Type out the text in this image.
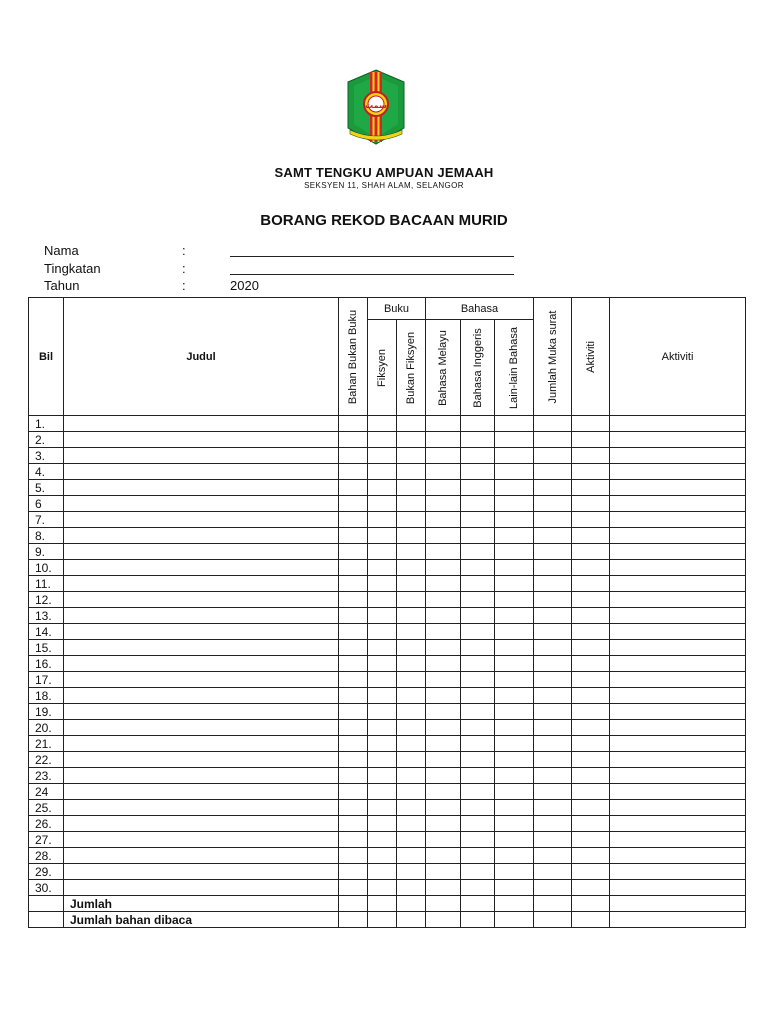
سمت
SAMT TENGKU AMPUAN JEMAAH
SEKSYEN 11, SHAH ALAM, SELANGOR
BORANG REKOD BACAAN MURID
Nama	:
Tingkatan	:
Tahun	:	2020
Bil	Judul	Bahan Bukan Buku	Buku		Bahasa			Jumlah Muka surat	Aktiviti	Aktiviti

			Fiksyen	Bukan Fiksyen	Bahasa Melayu	Bahasa Inggeris	Lain-lain Bahasa			

1.										
2.										
3.										
4.										
5.										
6										
7.										
8.										
9.										
10.										
11.										
12.										
13.										
14.										
15.										
16.										
17.										
18.										
19.										
20.										
21.										
22.										
23.										
24										
25.										
26.										
27.										
28.										
29.										
30.										
	Jumlah									
	Jumlah bahan dibaca									
